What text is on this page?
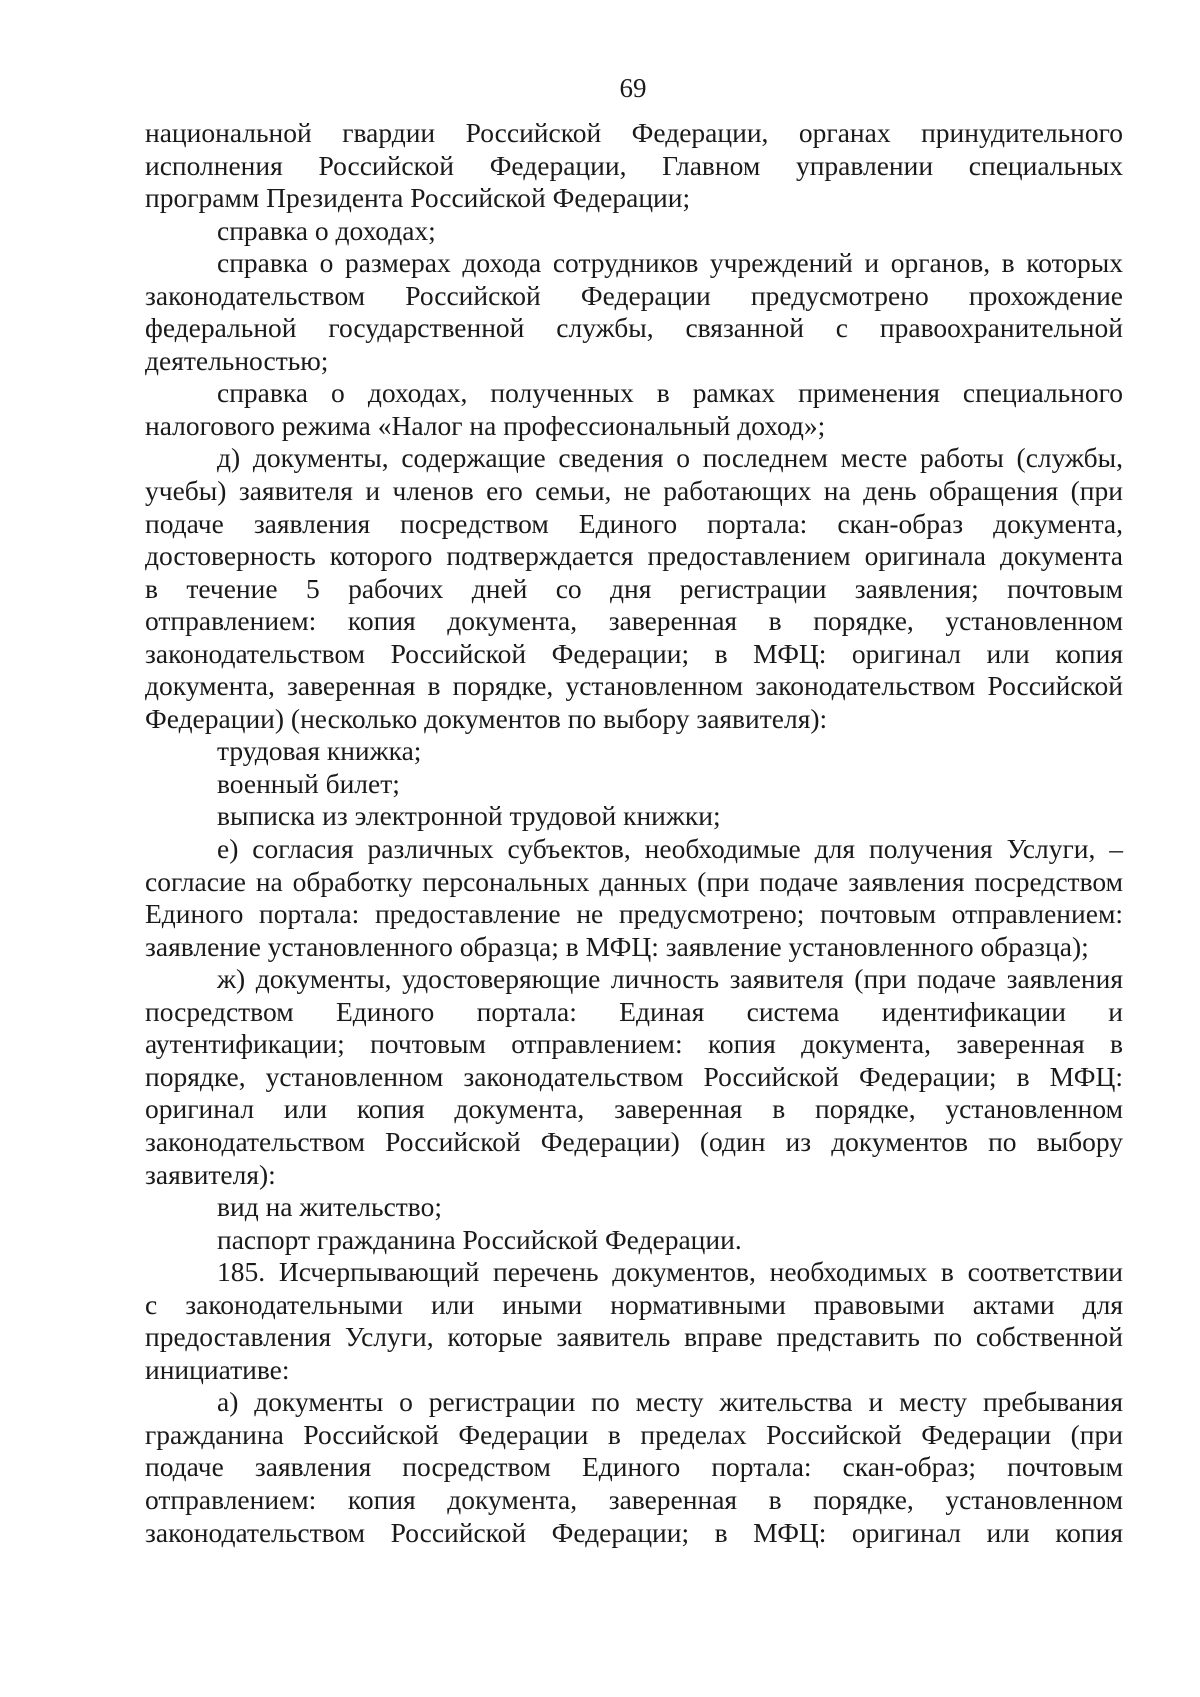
69

национальной гвардии Российской Федерации, органах принудительного

исполнения Российской Федерации, Главном управлении специальных

программ Президента Российской Федерации;

справка о доходах;

справка о размерах дохода сотрудников учреждений и органов, в которых

законодательством Российской Федерации предусмотрено прохождение

федеральной государственной службы, связанной с правоохранительной

деятельностью;

справка о доходах, полученных в рамках применения специального

налогового режима «Налог на профессиональный доход»;

д) документы, содержащие сведения о последнем месте работы (службы,

учебы) заявителя и членов его семьи, не работающих на день обращения (при

подаче заявления посредством Единого портала: скан-образ документа,

достоверность которого подтверждается предоставлением оригинала документа

в течение 5 рабочих дней со дня регистрации заявления; почтовым

отправлением: копия документа, заверенная в порядке, установленном

законодательством Российской Федерации; в МФЦ: оригинал или копия

документа, заверенная в порядке, установленном законодательством Российской

Федерации) (несколько документов по выбору заявителя):

трудовая книжка;

военный билет;

выписка из электронной трудовой книжки;

е) согласия различных субъектов, необходимые для получения Услуги, –

согласие на обработку персональных данных (при подаче заявления посредством

Единого портала: предоставление не предусмотрено; почтовым отправлением:

заявление установленного образца; в МФЦ: заявление установленного образца);

ж) документы, удостоверяющие личность заявителя (при подаче заявления

посредством Единого портала: Единая система идентификации и

аутентификации; почтовым отправлением: копия документа, заверенная в

порядке, установленном законодательством Российской Федерации; в МФЦ:

оригинал или копия документа, заверенная в порядке, установленном

законодательством Российской Федерации) (один из документов по выбору

заявителя):

вид на жительство;

паспорт гражданина Российской Федерации.

185. Исчерпывающий перечень документов, необходимых в соответствии

с законодательными или иными нормативными правовыми актами для

предоставления Услуги, которые заявитель вправе представить по собственной

инициативе:

а) документы о регистрации по месту жительства и месту пребывания

гражданина Российской Федерации в пределах Российской Федерации (при

подаче заявления посредством Единого портала: скан-образ; почтовым

отправлением: копия документа, заверенная в порядке, установленном

законодательством Российской Федерации; в МФЦ: оригинал или копия
